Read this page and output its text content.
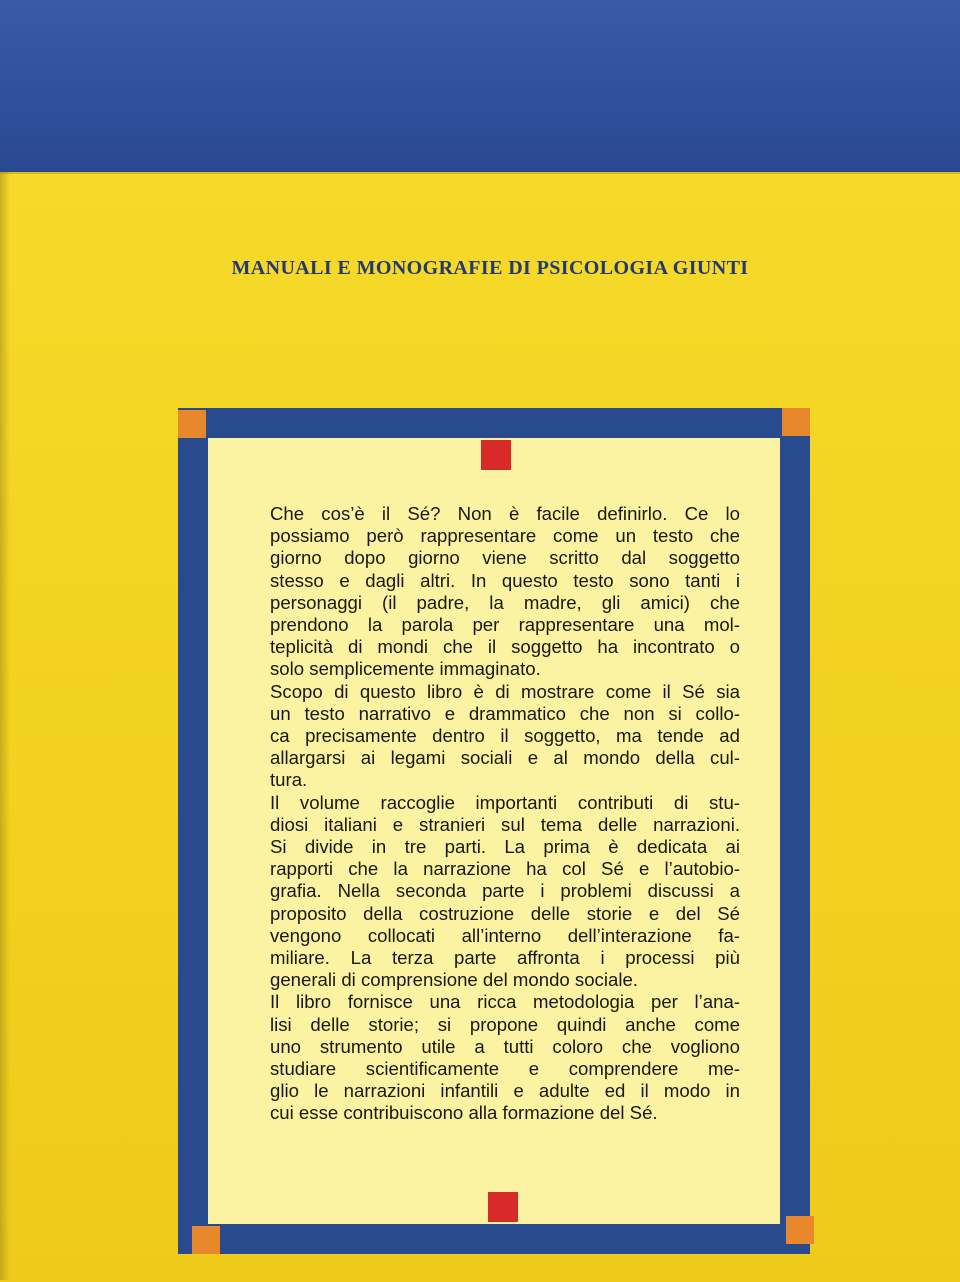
MANUALI E MONOGRAFIE DI PSICOLOGIA GIUNTI
Che cos’è il Sé? Non è facile definirlo. Ce lo
possiamo però rappresentare come un testo che
giorno dopo giorno viene scritto dal soggetto
stesso e dagli altri. In questo testo sono tanti i
personaggi (il padre, la madre, gli amici) che
prendono la parola per rappresentare una mol-
teplicità di mondi che il soggetto ha incontrato o
solo semplicemente immaginato.
Scopo di questo libro è di mostrare come il Sé sia
un testo narrativo e drammatico che non si collo-
ca precisamente dentro il soggetto, ma tende ad
allargarsi ai legami sociali e al mondo della cul-
tura.
Il volume raccoglie importanti contributi di stu-
diosi italiani e stranieri sul tema delle narrazioni.
Si divide in tre parti. La prima è dedicata ai
rapporti che la narrazione ha col Sé e l’autobio-
grafia. Nella seconda parte i problemi discussi a
proposito della costruzione delle storie e del Sé
vengono collocati all’interno dell’interazione fa-
miliare. La terza parte affronta i processi più
generali di comprensione del mondo sociale.
Il libro fornisce una ricca metodologia per l’ana-
lisi delle storie; si propone quindi anche come
uno strumento utile a tutti coloro che vogliono
studiare scientificamente e comprendere me-
glio le narrazioni infantili e adulte ed il modo in
cui esse contribuiscono alla formazione del Sé.
